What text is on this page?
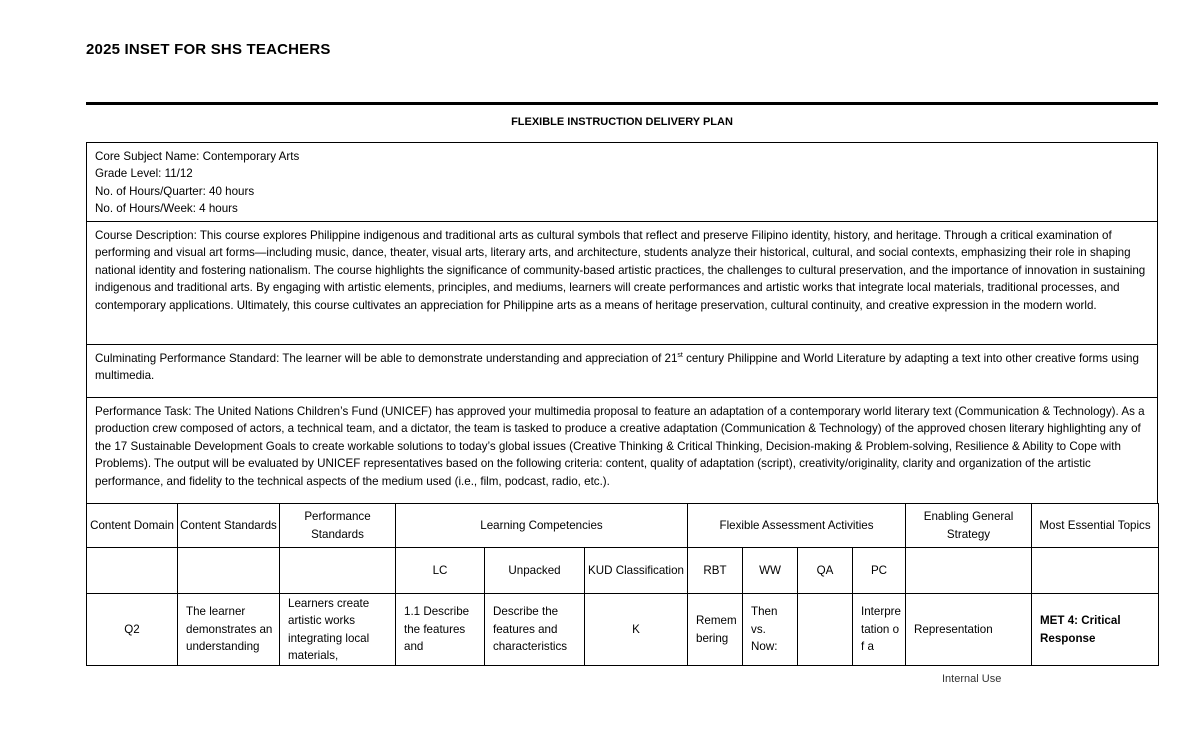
2025 INSET FOR SHS TEACHERS
FLEXIBLE INSTRUCTION DELIVERY PLAN
Core Subject Name: Contemporary Arts
Grade Level: 11/12
No. of Hours/Quarter: 40 hours
No. of Hours/Week: 4 hours
Course Description: This course explores Philippine indigenous and traditional arts as cultural symbols that reflect and preserve Filipino identity, history, and heritage. Through a critical examination of performing and visual art forms—including music, dance, theater, visual arts, literary arts, and architecture, students analyze their historical, cultural, and social contexts, emphasizing their role in shaping national identity and fostering nationalism. The course highlights the significance of community-based artistic practices, the challenges to cultural preservation, and the importance of innovation in sustaining indigenous and traditional arts. By engaging with artistic elements, principles, and mediums, learners will create performances and artistic works that integrate local materials, traditional processes, and contemporary applications. Ultimately, this course cultivates an appreciation for Philippine arts as a means of heritage preservation, cultural continuity, and creative expression in the modern world.
Culminating Performance Standard: The learner will be able to demonstrate understanding and appreciation of 21st century Philippine and World Literature by adapting a text into other creative forms using multimedia.
Performance Task: The United Nations Children’s Fund (UNICEF) has approved your multimedia proposal to feature an adaptation of a contemporary world literary text (Communication & Technology). As a production crew composed of actors, a technical team, and a dictator, the team is tasked to produce a creative adaptation (Communication & Technology) of the approved chosen literary highlighting any of the 17 Sustainable Development Goals to create workable solutions to today’s global issues (Creative Thinking & Critical Thinking, Decision-making & Problem-solving, Resilience & Ability to Cope with Problems). The output will be evaluated by UNICEF representatives based on the following criteria: content, quality of adaptation (script), creativity/originality, clarity and organization of the artistic performance, and fidelity to the technical aspects of the medium used (i.e., film, podcast, radio, etc.).
Content Domain	Content Standards	Performance Standards	Learning Competencies			Flexible Assessment Activities				Enabling General Strategy	Most Essential Topics
			LC	Unpacked	KUD Classification	RBT	WW	QA	PC		
Q2	The learner demonstrates an understanding	Learners create artistic works integrating local materials,	1.1 Describe the features and	Describe the features and characteristics	K	Remembering	Then vs. Now:		Interpretation of a	Representation	MET 4: Critical Response
Internal Use
